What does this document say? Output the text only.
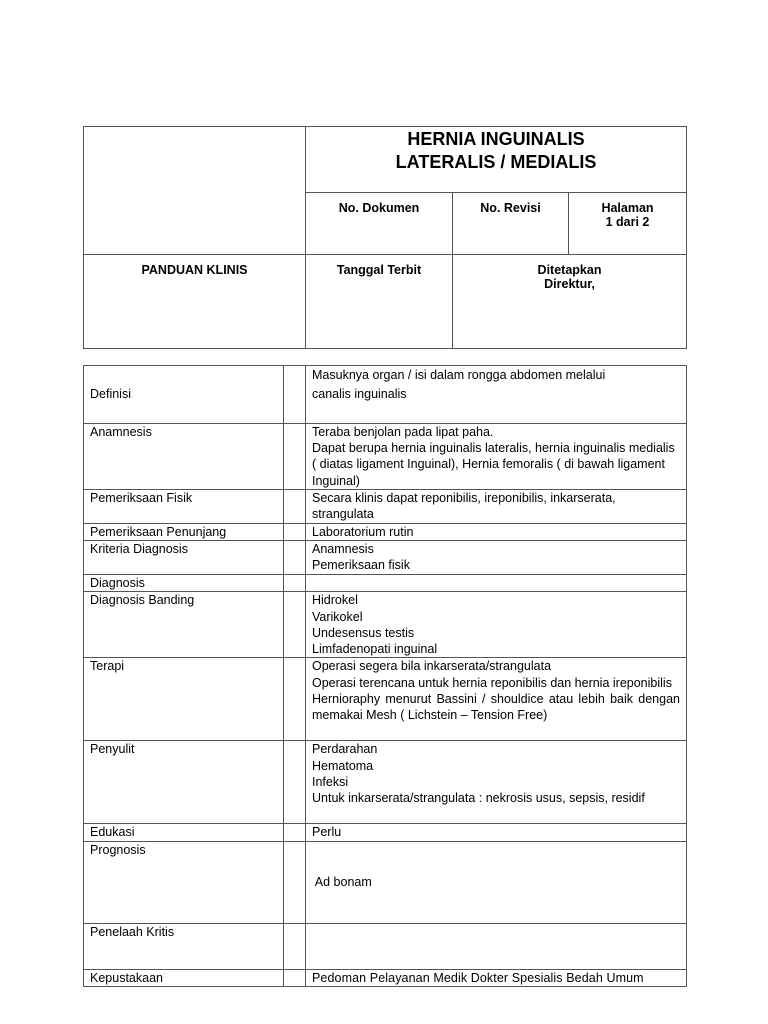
	HERNIA INGUINALIS
LATERALIS / MEDIALIS		

	No. Dokumen	No. Revisi	Halaman
1 dari 2

PANDUAN KLINIS	Tanggal Terbit	Ditetapkan
Direktur,	
Definisi		Masuknya organ / isi dalam rongga abdomen melalui
canalis inguinalis

Anamnesis		Teraba benjolan pada lipat paha.
Dapat berupa hernia inguinalis lateralis, hernia inguinalis medialis ( diatas ligament Inguinal), Hernia femoralis ( di bawah ligament Inguinal)

Pemeriksaan Fisik		Secara klinis dapat reponibilis, ireponibilis, inkarserata, strangulata

Pemeriksaan Penunjang		Laboratorium rutin

Kriteria Diagnosis		Anamnesis
Pemeriksaan fisik

Diagnosis		
Diagnosis Banding		Hidrokel
Varikokel
Undesensus testis
Limfadenopati inguinal

Terapi		Operasi segera bila inkarserata/strangulata
Operasi terencana untuk hernia reponibilis dan hernia ireponibilis
Hernioraphy menurut Bassini / shouldice atau lebih baik dengan memakai Mesh ( Lichstein – Tension Free)

Penyulit		Perdarahan
Hematoma
Infeksi
Untuk inkarserata/strangulata : nekrosis usus, sepsis, residif

Edukasi		Perlu

Prognosis		Ad bonam

Penelaah Kritis		
Kepustakaan		Pedoman Pelayanan Medik Dokter Spesialis Bedah Umum
